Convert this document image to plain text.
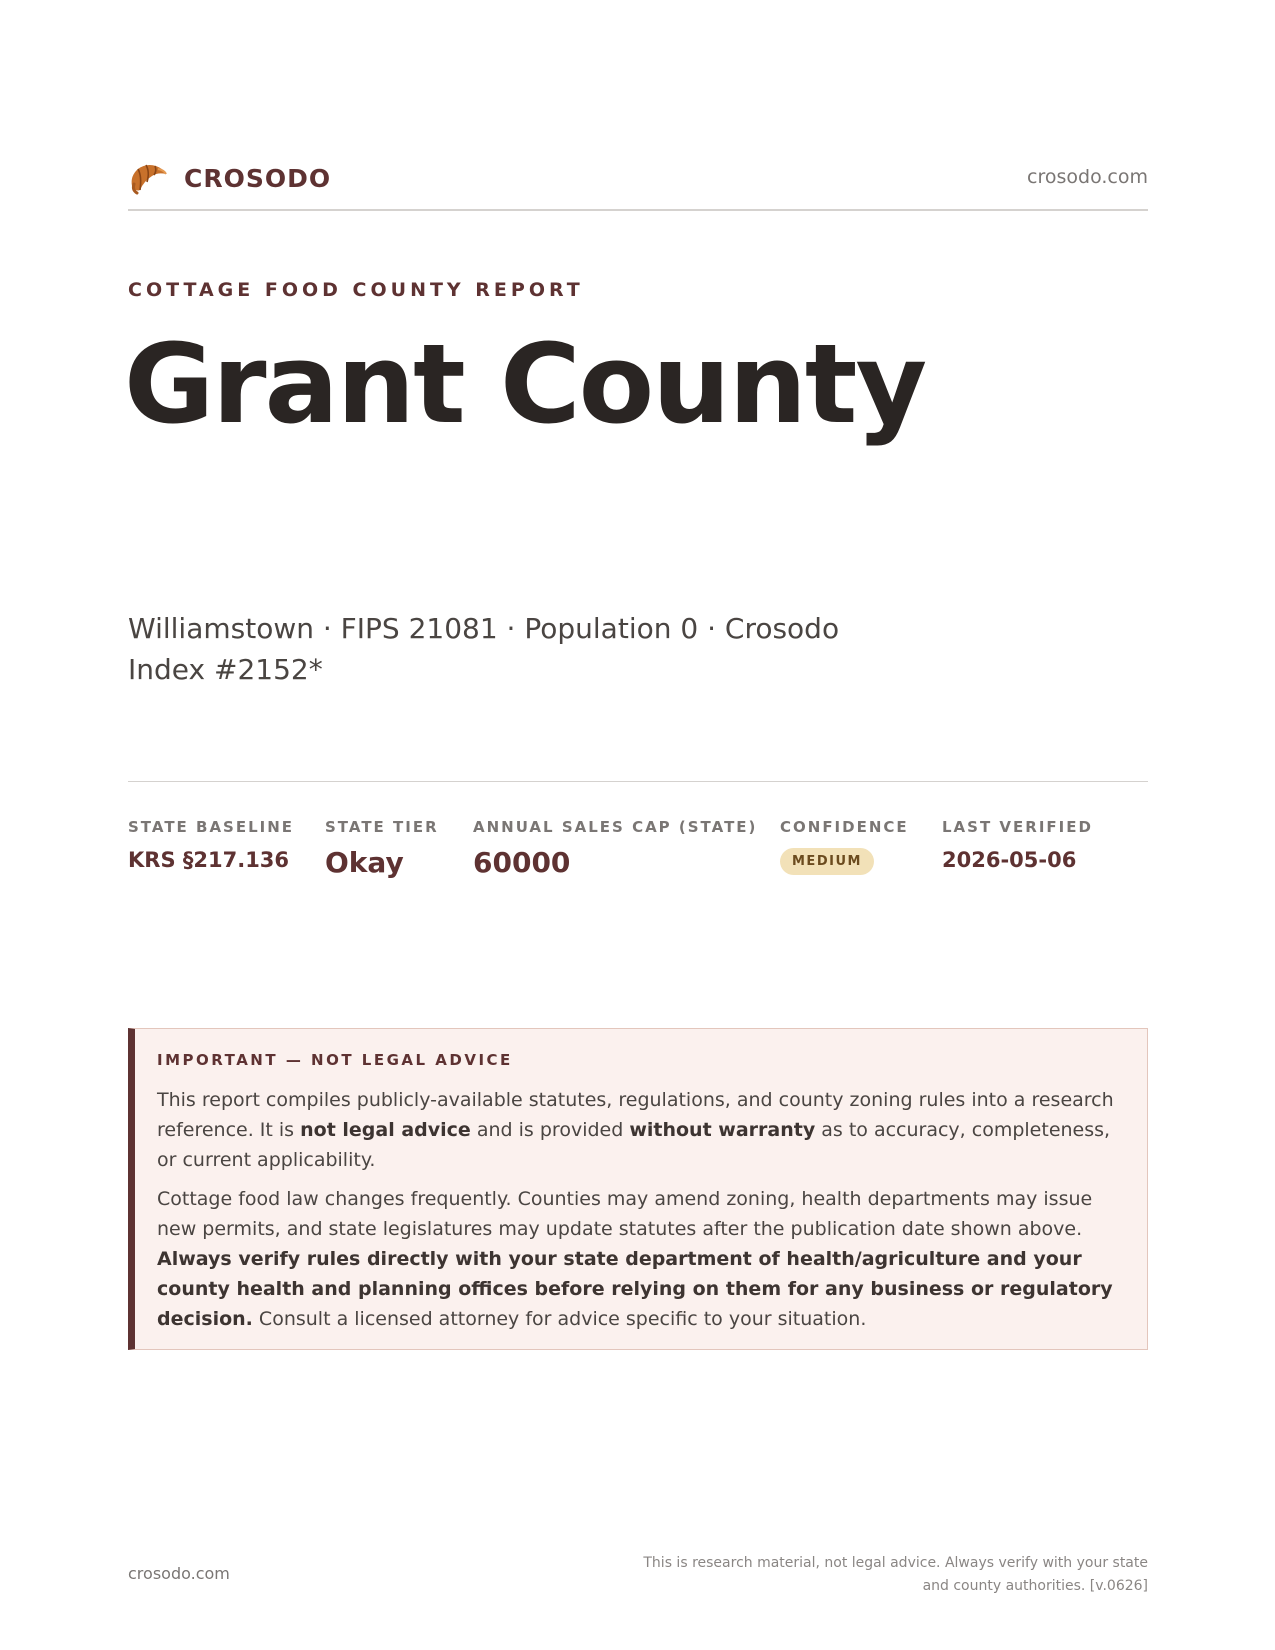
CROSODO	crosodo.com
COTTAGE FOOD COUNTY REPORT
Grant County
Williamstown · FIPS 21081 · Population 0 · Crosodo Index #2152*
STATE BASELINE
KRS §217.136
STATE TIER
Okay
ANNUAL SALES CAP (STATE)
60000
CONFIDENCE
MEDIUM
LAST VERIFIED
2026-05-06
IMPORTANT — NOT LEGAL ADVICE

This report compiles publicly-available statutes, regulations, and county zoning rules into a research reference. It is not legal advice and is provided without warranty as to accuracy, completeness, or current applicability.

Cottage food law changes frequently. Counties may amend zoning, health departments may issue new permits, and state legislatures may update statutes after the publication date shown above. Always verify rules directly with your state department of health/agriculture and your county health and planning offices before relying on them for any business or regulatory decision. Consult a licensed attorney for advice specific to your situation.

crosodo.com
This is research material, not legal advice. Always verify with your state
and county authorities. [v.0626]
